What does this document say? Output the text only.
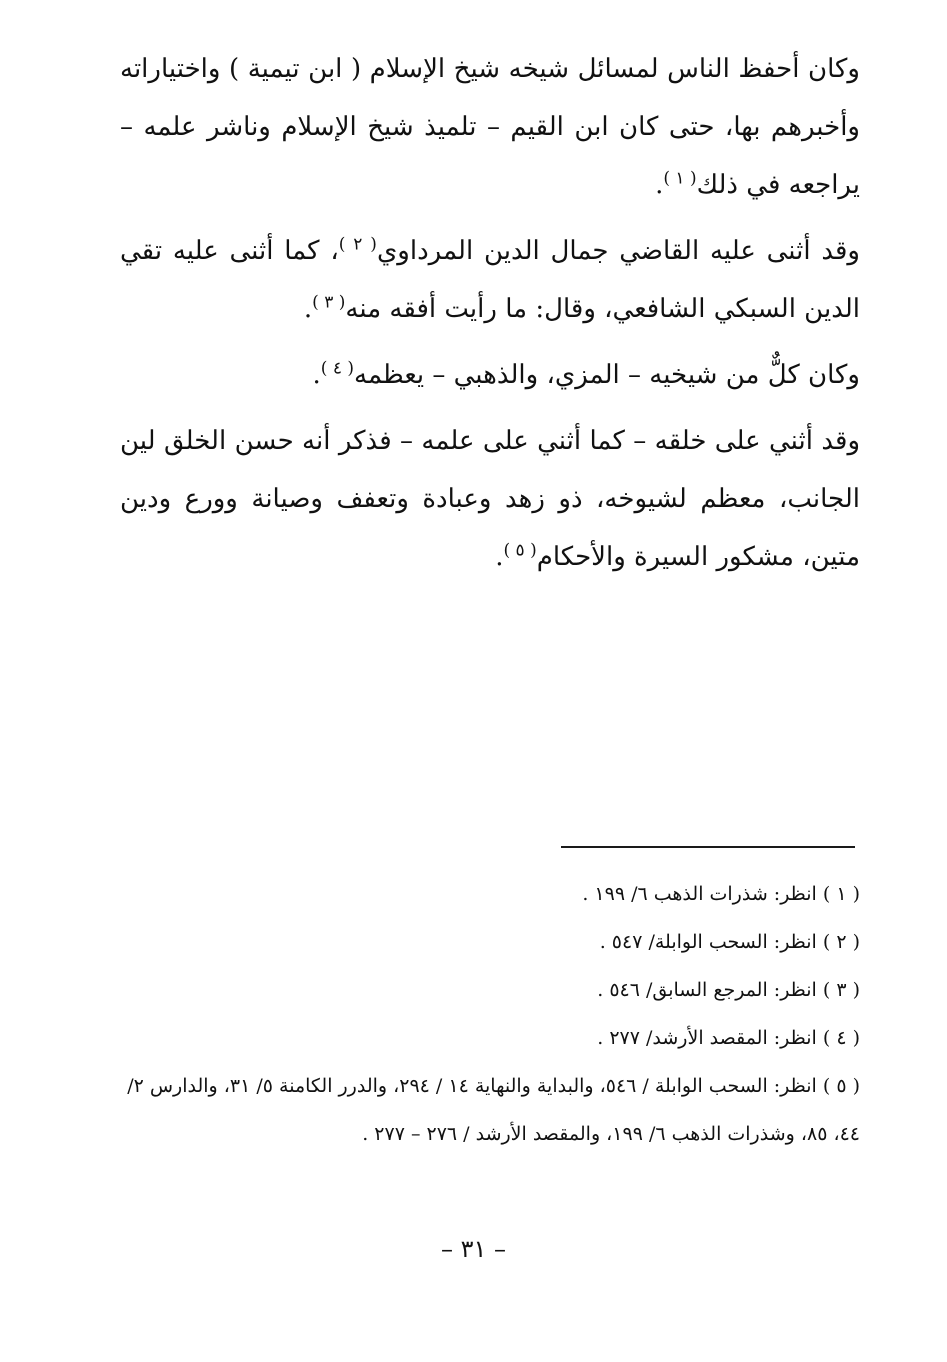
وكان أحفظ الناس لمسائل شيخه شيخ الإسلام ( ابن تيمية ) واختياراته وأخبرهم بها، حتى كان ابن القيم – تلميذ شيخ الإسلام وناشر علمه – يراجعه في ذلك$^{( ١ )}$.

وقد أثنى عليه القاضي جمال الدين المرداوي$^{( ٢ )}$، كما أثنى عليه تقي الدين السبكي الشافعي، وقال: ما رأيت أفقه منه$^{( ٣ )}$.

وكان كلٌّ من شيخيه – المزي، والذهبي – يعظمه$^{( ٤ )}$.

وقد أثني على خلقه – كما أثني على علمه – فذكر أنه حسن الخلق لين الجانب، معظم لشيوخه، ذو زهد وعبادة وتعفف وصيانة وورع ودين متين، مشكور السيرة والأحكام$^{( ٥ )}$.

( ١ ) انظر: شذرات الذهب ٦/ ١٩٩ .

( ٢ ) انظر: السحب الوابلة/ ٥٤٧ .

( ٣ ) انظر: المرجع السابق/ ٥٤٦ .

( ٤ ) انظر: المقصد الأرشد/ ٢٧٧ .

( ٥ ) انظر: السحب الوابلة / ٥٤٦، والبداية والنهاية ١٤ / ٢٩٤، والدرر الكامنة ٥/ ٣١، والدارس ٢/ ٤٤، ٨٥، وشذرات الذهب ٦/ ١٩٩، والمقصد الأرشد / ٢٧٦ – ٢٧٧ .

– ٣١ –
